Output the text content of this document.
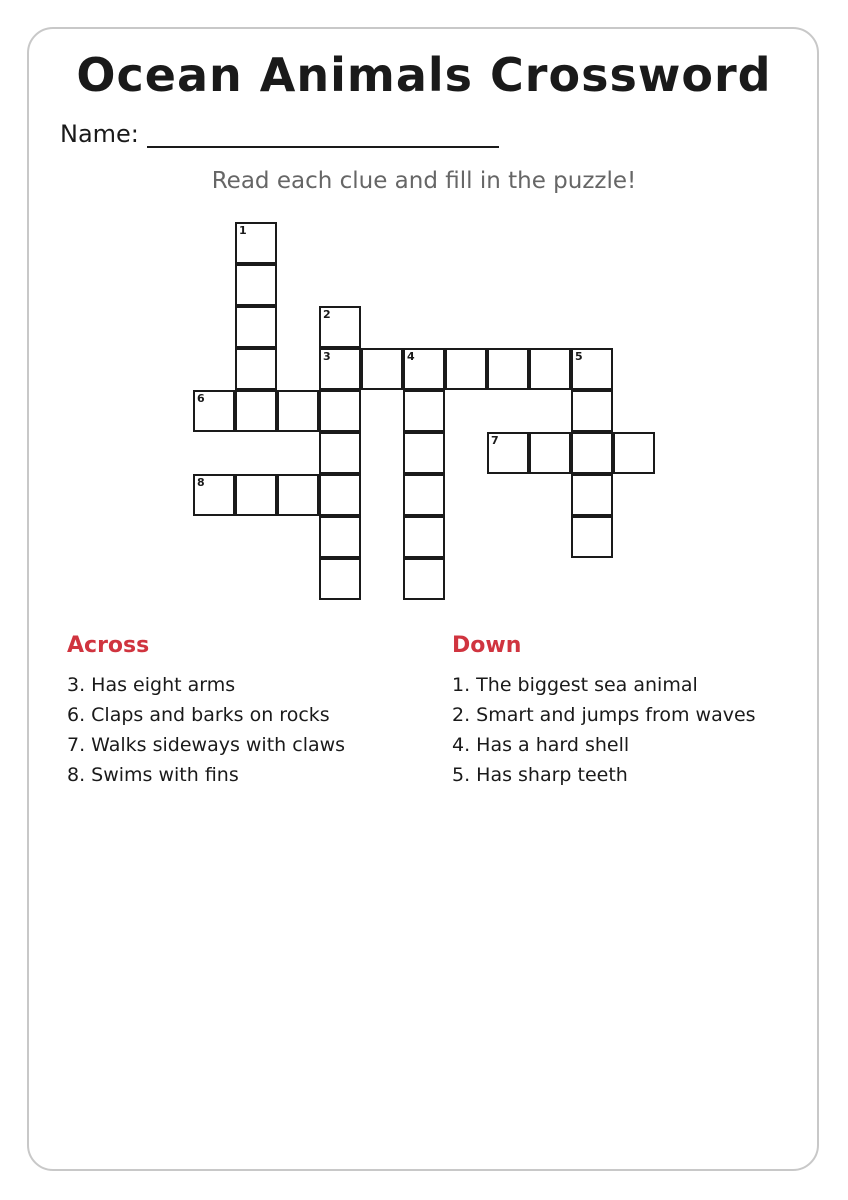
Ocean Animals Crossword
Name:
Read each clue and fill in the puzzle!
1
2
3	4	5
6
7
8
Across
3. Has eight arms
6. Claps and barks on rocks
7. Walks sideways with claws
8. Swims with fins
Down
1. The biggest sea animal
2. Smart and jumps from waves
4. Has a hard shell
5. Has sharp teeth
